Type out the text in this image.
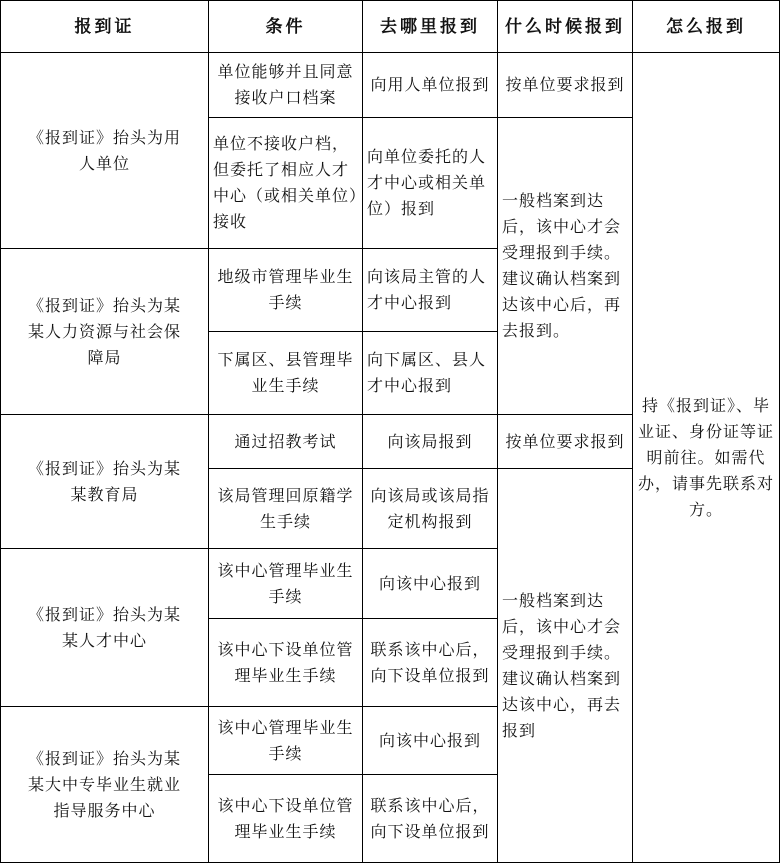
报到证	条件	去哪里报到	什么时候报到	怎么报到
《报到证》抬头为用人单位	单位能够并且同意接收户口档案	向用人单位报到	按单位要求报到	持《报到证》、毕业证、身份证等证明前往。如需代办，请事先联系对方。
	单位不接收户档，但委托了相应人才中心（或相关单位）接收	向单位委托的人才中心或相关单位）报到	一般档案到达后，该中心才会受理报到手续。建议确认档案到达该中心后，再去报到。	
《报到证》抬头为某某人力资源与社会保障局	地级市管理毕业生手续	向该局主管的人才中心报到		
	下属区、县管理毕业生手续	向下属区、县人才中心报到		
《报到证》抬头为某某教育局	通过招教考试	向该局报到	按单位要求报到	
	该局管理回原籍学生手续	向该局或该局指定机构报到	一般档案到达后，该中心才会受理报到手续。建议确认档案到达该中心，再去报到	
《报到证》抬头为某某人才中心	该中心管理毕业生手续	向该中心报到		
	该中心下设单位管理毕业生手续	联系该中心后，向下设单位报到		
《报到证》抬头为某某大中专毕业生就业指导服务中心	该中心管理毕业生手续	向该中心报到		
	该中心下设单位管理毕业生手续	联系该中心后，向下设单位报到		
